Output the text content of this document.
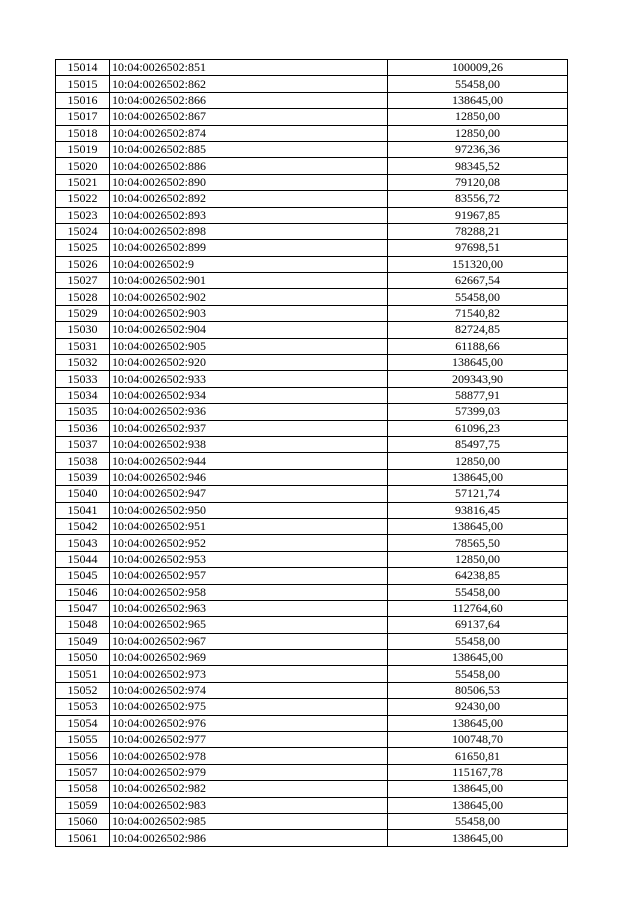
15014	10:04:0026502:851	100009,26
15015	10:04:0026502:862	55458,00
15016	10:04:0026502:866	138645,00
15017	10:04:0026502:867	12850,00
15018	10:04:0026502:874	12850,00
15019	10:04:0026502:885	97236,36
15020	10:04:0026502:886	98345,52
15021	10:04:0026502:890	79120,08
15022	10:04:0026502:892	83556,72
15023	10:04:0026502:893	91967,85
15024	10:04:0026502:898	78288,21
15025	10:04:0026502:899	97698,51
15026	10:04:0026502:9	151320,00
15027	10:04:0026502:901	62667,54
15028	10:04:0026502:902	55458,00
15029	10:04:0026502:903	71540,82
15030	10:04:0026502:904	82724,85
15031	10:04:0026502:905	61188,66
15032	10:04:0026502:920	138645,00
15033	10:04:0026502:933	209343,90
15034	10:04:0026502:934	58877,91
15035	10:04:0026502:936	57399,03
15036	10:04:0026502:937	61096,23
15037	10:04:0026502:938	85497,75
15038	10:04:0026502:944	12850,00
15039	10:04:0026502:946	138645,00
15040	10:04:0026502:947	57121,74
15041	10:04:0026502:950	93816,45
15042	10:04:0026502:951	138645,00
15043	10:04:0026502:952	78565,50
15044	10:04:0026502:953	12850,00
15045	10:04:0026502:957	64238,85
15046	10:04:0026502:958	55458,00
15047	10:04:0026502:963	112764,60
15048	10:04:0026502:965	69137,64
15049	10:04:0026502:967	55458,00
15050	10:04:0026502:969	138645,00
15051	10:04:0026502:973	55458,00
15052	10:04:0026502:974	80506,53
15053	10:04:0026502:975	92430,00
15054	10:04:0026502:976	138645,00
15055	10:04:0026502:977	100748,70
15056	10:04:0026502:978	61650,81
15057	10:04:0026502:979	115167,78
15058	10:04:0026502:982	138645,00
15059	10:04:0026502:983	138645,00
15060	10:04:0026502:985	55458,00
15061	10:04:0026502:986	138645,00
